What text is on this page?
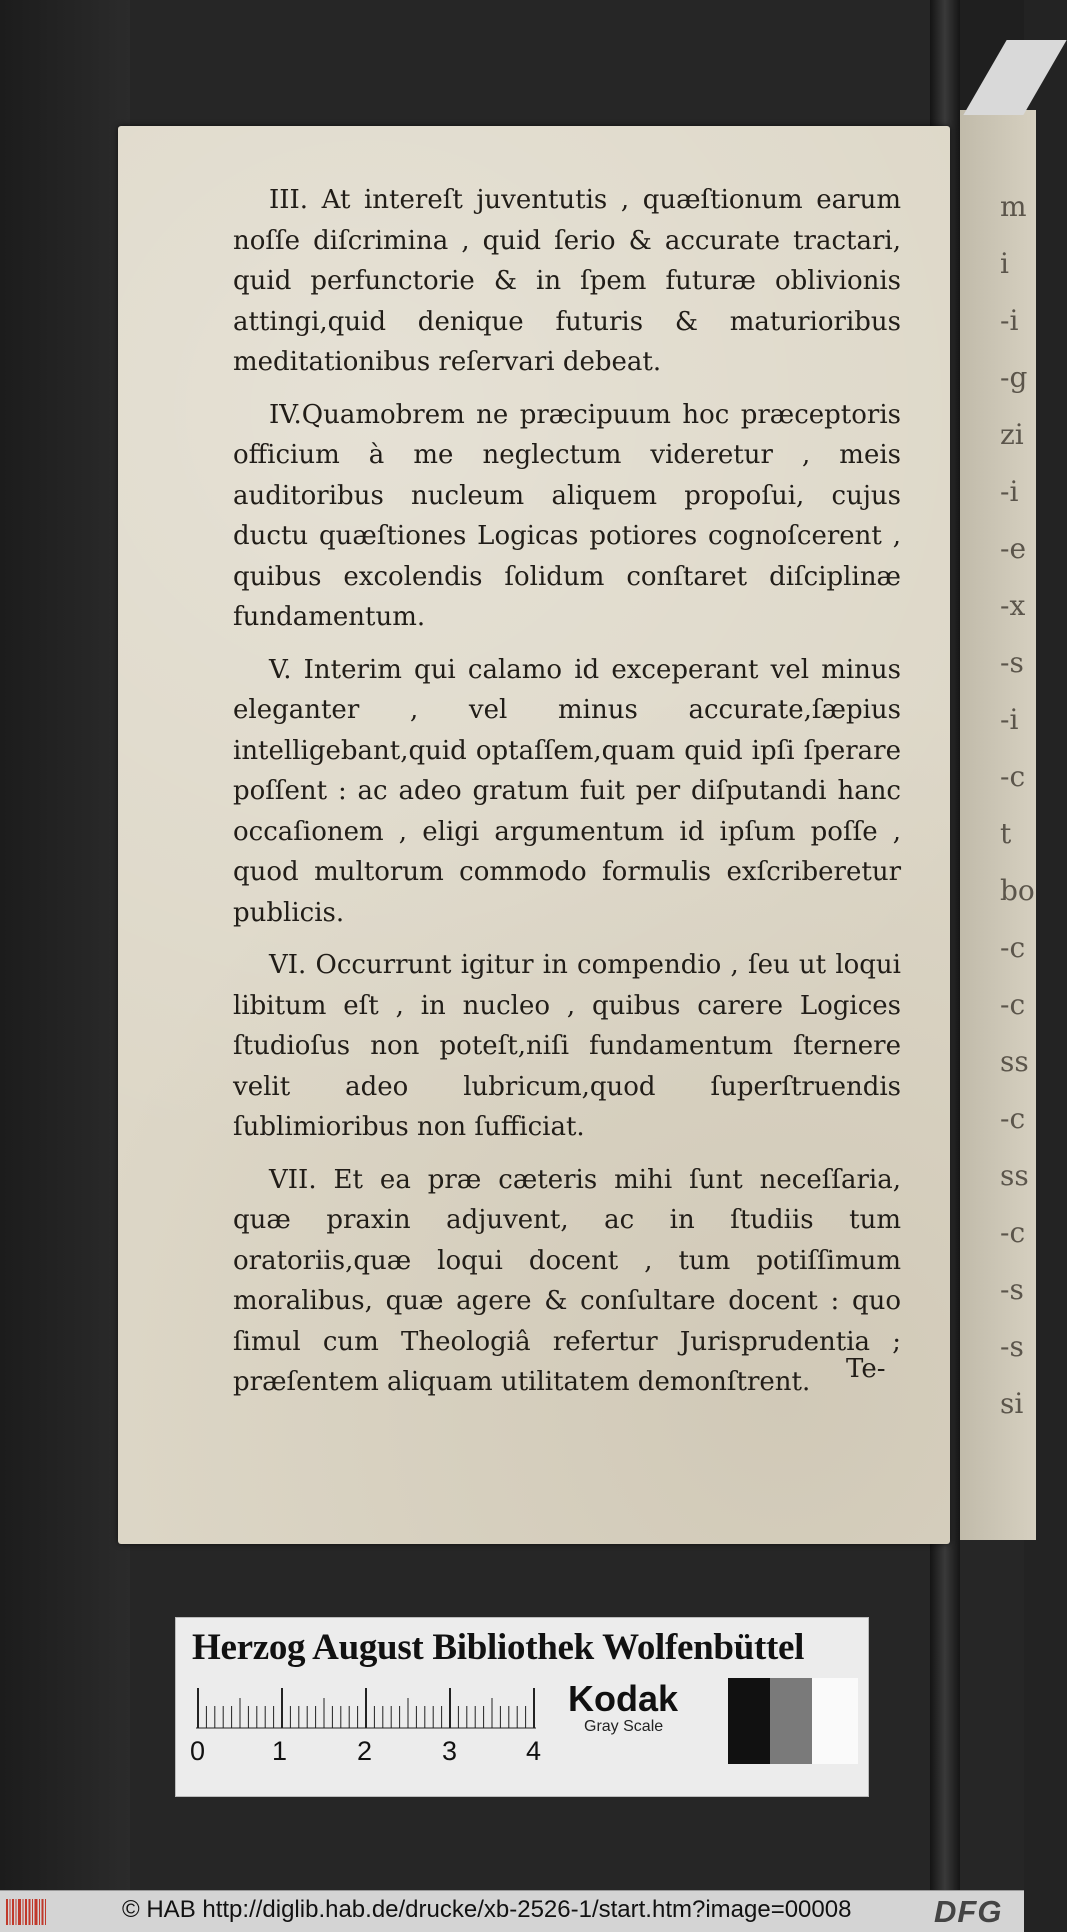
m
i
-i
-g
zi
-i
-e
-x
-s
-i
-c
t
bo
-c
-c
ss
-c
ss
-c
-s
-s
si

III. At intereſt juventutis , quæſtionum earum noſſe diſcrimina , quid ſerio & accurate tractari, quid perfunctorie & in ſpem futuræ oblivionis attingi,quid denique futuris & maturioribus meditationibus reſervari debeat.

IV.Quamobrem ne præcipuum hoc præceptoris officium à me neglectum videretur , meis auditoribus nucleum aliquem propoſui, cujus ductu quæſtiones Logicas potiores cognoſcerent , quibus excolendis ſolidum conſtaret diſciplinæ fundamentum.

V. Interim qui calamo id exceperant vel minus eleganter , vel minus accurate,ſæpius intelligebant,quid optaſſem,quam quid ipſi ſperare poſſent : ac adeo gratum fuit per diſputandi hanc occaſionem , eligi argumentum id ipſum poſſe , quod multorum commodo formulis exſcriberetur publicis.

VI. Occurrunt igitur in compendio , ſeu ut loqui libitum eſt , in nucleo , quibus carere Logices ſtudioſus non poteſt,niſi fundamentum ſternere velit adeo lubricum,quod ſuperſtruendis ſublimioribus non ſufficiat.

VII. Et ea præ cæteris mihi ſunt neceſſaria, quæ praxin adjuvent, ac in ſtudiis tum oratoriis,quæ loqui docent , tum potiſſimum moralibus, quæ agere & conſultare docent : quo ſimul cum Theologiâ refertur Jurisprudentia ; præſentem aliquam utilitatem demonſtrent.	Te-
Herzog August Bibliothek Wolfenbüttel
0 1	2	3	4
Kodak
Gray Scale
© HAB http://diglib.hab.de/drucke/xb-2526-1/start.htm?image=00008	DFG
